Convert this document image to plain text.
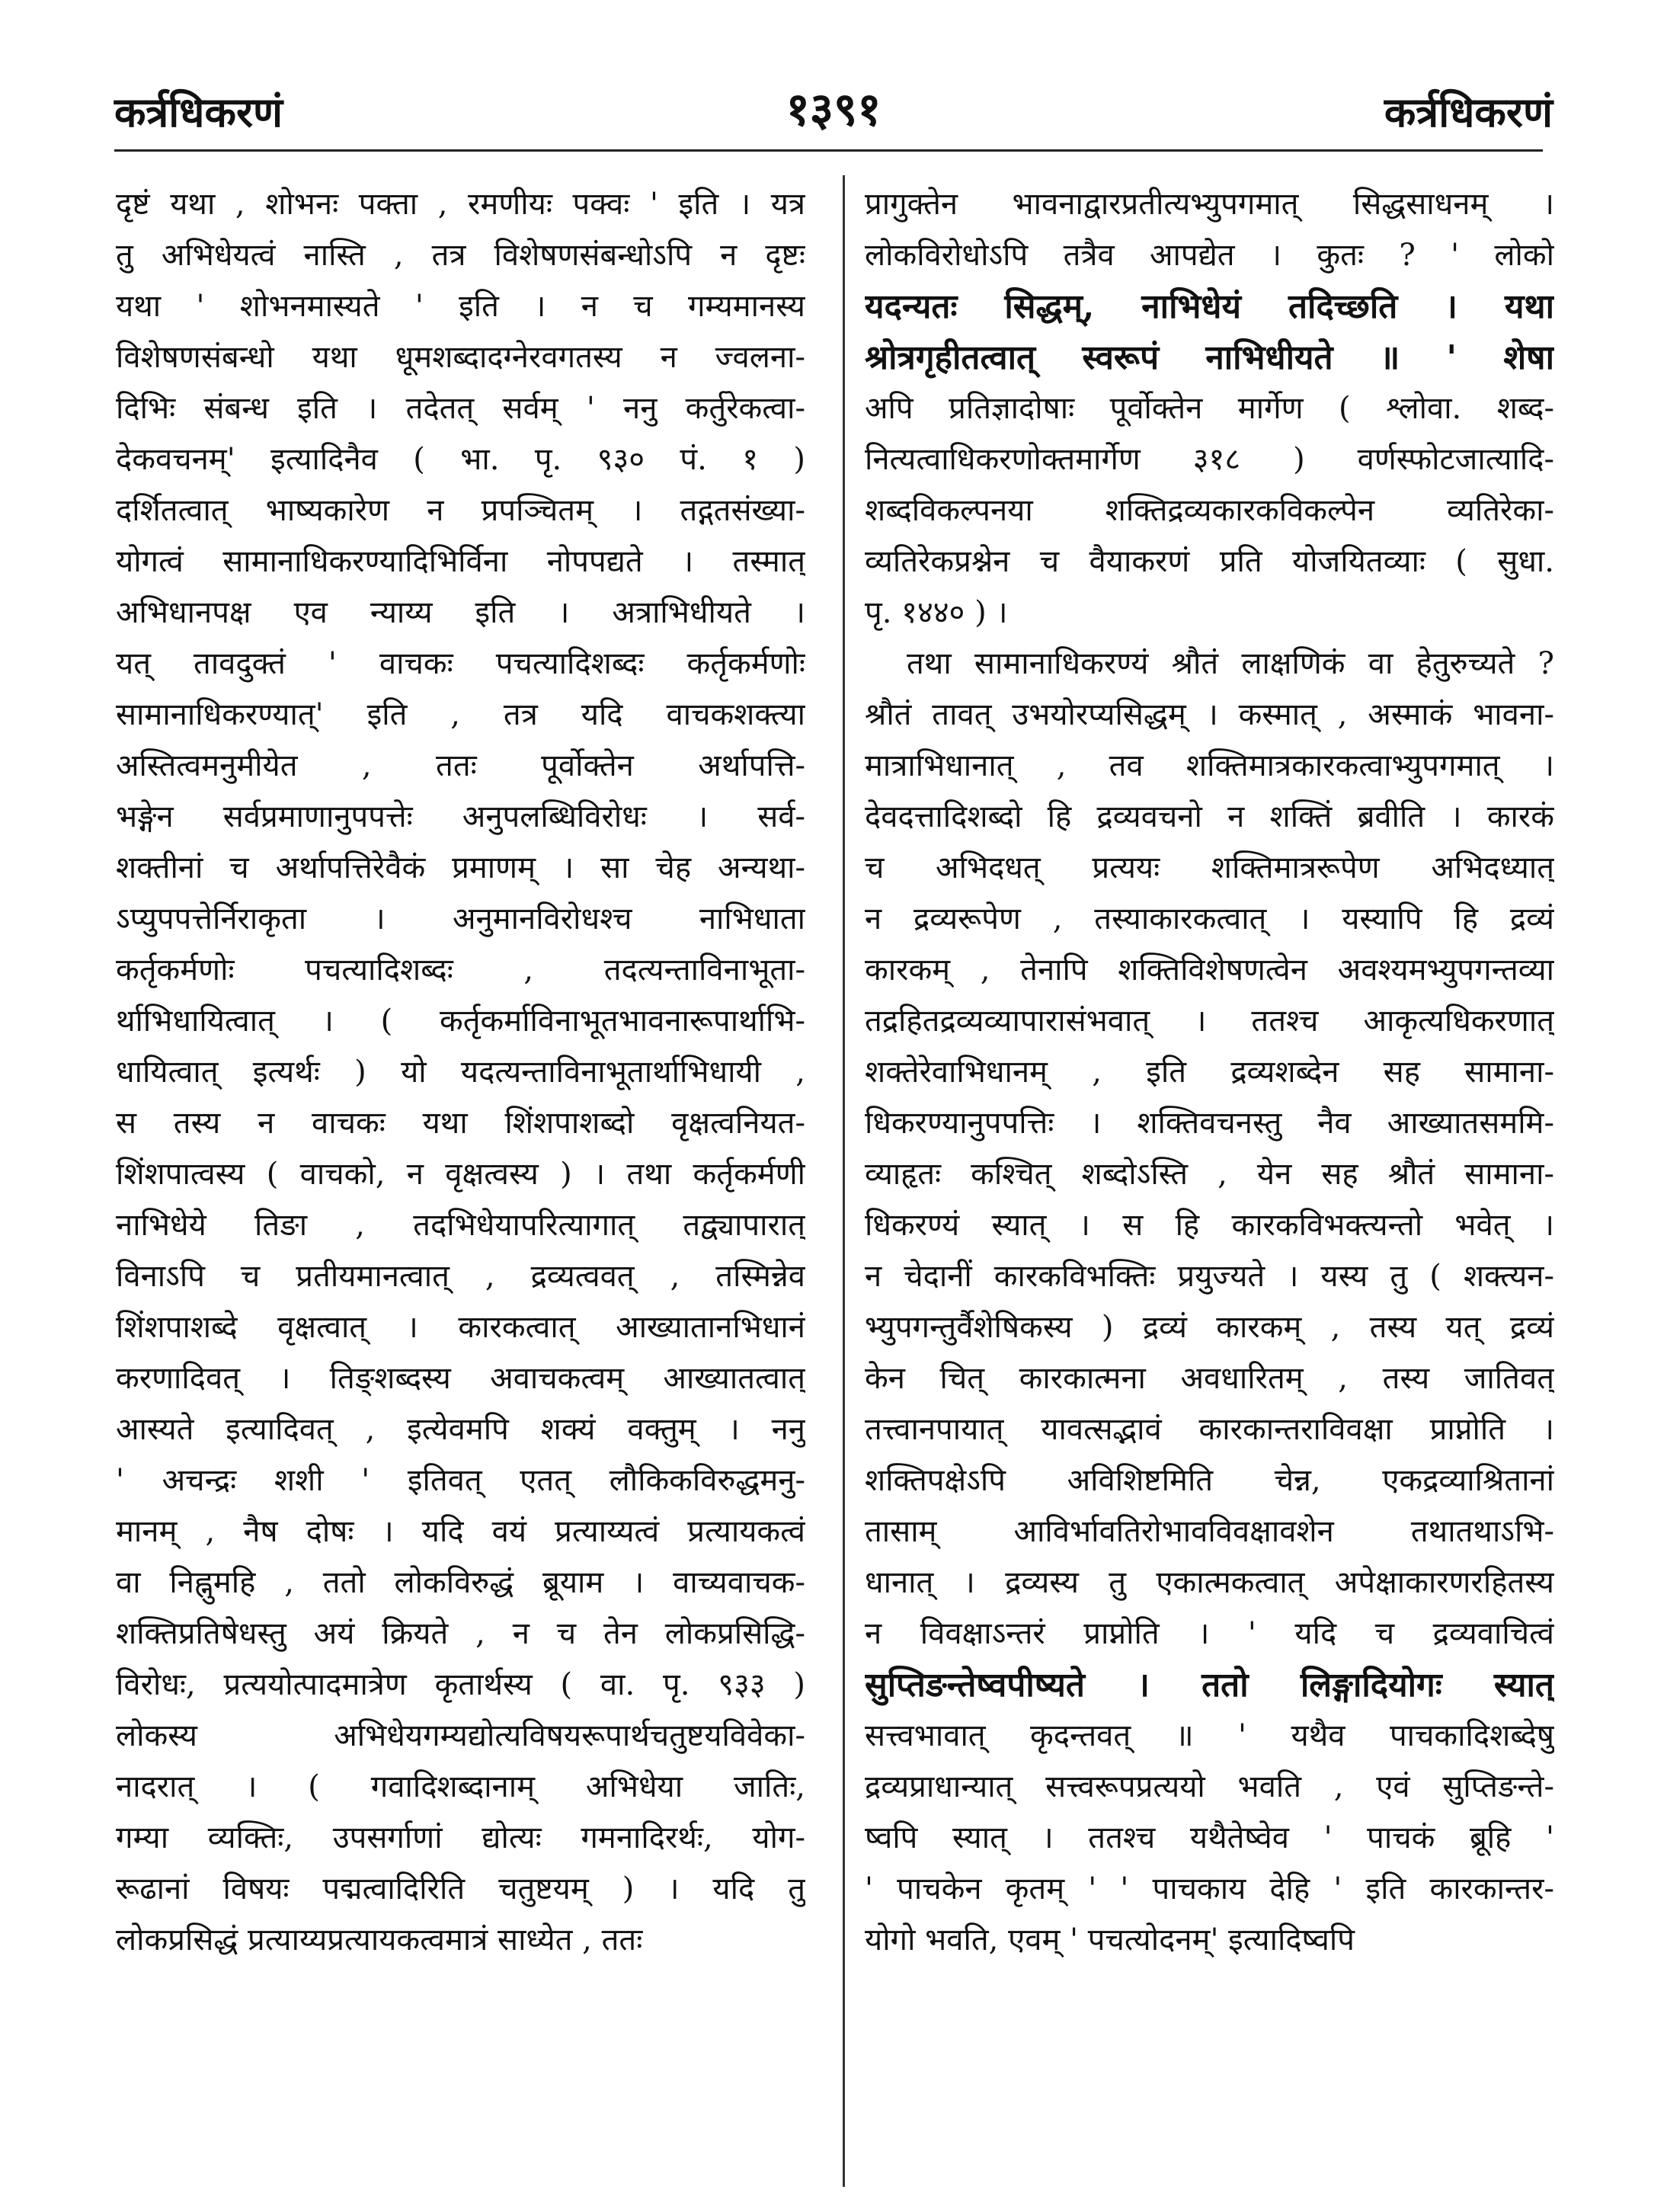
कर्त्रधिकरणं	१३९१	कर्त्रधिकरणं
दृष्टं यथा , शोभनः पक्ता , रमणीयः पक्वः ' इति । यत्र
तु अभिधेयत्वं नास्ति , तत्र विशेषणसंबन्धोऽपि न दृष्टः
यथा ' शोभनमास्यते ' इति । न च गम्यमानस्य
विशेषणसंबन्धो यथा धूमशब्दादग्नेरवगतस्य न ज्वलना-
दिभिः संबन्ध इति । तदेतत् सर्वम् ' ननु कर्तुरेकत्वा-
देकवचनम्' इत्यादिनैव ( भा. पृ. ९३० पं. १ )
दर्शितत्वात् भाष्यकारेण न प्रपञ्चितम् । तद्गतसंख्या-
योगत्वं सामानाधिकरण्यादिभिर्विना नोपपद्यते । तस्मात्
अभिधानपक्ष एव न्याय्य इति । अत्राभिधीयते ।
यत् तावदुक्तं ' वाचकः पचत्यादिशब्दः कर्तृकर्मणोः
सामानाधिकरण्यात्' इति , तत्र यदि वाचकशक्त्या
अस्तित्वमनुमीयेत , ततः पूर्वोक्तेन अर्थापत्ति-
भङ्गेन सर्वप्रमाणानुपपत्तेः अनुपलब्धिविरोधः । सर्व-
शक्तीनां च अर्थापत्तिरेवैकं प्रमाणम् । सा चेह अन्यथा-
ऽप्युपपत्तेर्निराकृता । अनुमानविरोधश्च नाभिधाता
कर्तृकर्मणोः पचत्यादिशब्दः , तदत्यन्ताविनाभूता-
र्थाभिधायित्वात् । ( कर्तृकर्माविनाभूतभावनारूपार्थाभि-
धायित्वात् इत्यर्थः ) यो यदत्यन्ताविनाभूतार्थाभिधायी ,
स तस्य न वाचकः यथा शिंशपाशब्दो वृक्षत्वनियत-
शिंशपात्वस्य ( वाचको, न वृक्षत्वस्य ) । तथा कर्तृकर्मणी
नाभिधेये तिङा , तदभिधेयापरित्यागात् तद्व्यापारात्
विनाऽपि च प्रतीयमानत्वात् , द्रव्यत्ववत् , तस्मिन्नेव
शिंशपाशब्दे वृक्षत्वात् । कारकत्वात् आख्यातानभिधानं
करणादिवत् । तिङ्शब्दस्य अवाचकत्वम् आख्यातत्वात्
आस्यते इत्यादिवत् , इत्येवमपि शक्यं वक्तुम् । ननु
' अचन्द्रः शशी ' इतिवत् एतत् लौकिकविरुद्धमनु-
मानम् , नैष दोषः । यदि वयं प्रत्याय्यत्वं प्रत्यायकत्वं
वा निह्नुमहि , ततो लोकविरुद्धं ब्रूयाम । वाच्यवाचक-
शक्तिप्रतिषेधस्तु अयं क्रियते , न च तेन लोकप्रसिद्धि-
विरोधः, प्रत्ययोत्पादमात्रेण कृतार्थस्य ( वा. पृ. ९३३ )
लोकस्य अभिधेयगम्यद्योत्यविषयरूपार्थचतुष्टयविवेका-
नादरात् । ( गवादिशब्दानाम् अभिधेया जातिः,
गम्या व्यक्तिः, उपसर्गाणां द्योत्यः गमनादिरर्थः, योग-
रूढानां विषयः पद्मत्वादिरिति चतुष्टयम् ) । यदि तु
लोकप्रसिद्धं प्रत्याय्यप्रत्यायकत्वमात्रं साध्येत , ततः
प्रागुक्तेन भावनाद्वारप्रतीत्यभ्युपगमात् सिद्धसाधनम् ।
लोकविरोधोऽपि तत्रैव आपद्येत । कुतः ? ' लोको
यदन्यतः सिद्धम्, नाभिधेयं तदिच्छति । यथा
श्रोत्रगृहीतत्वात् स्वरूपं नाभिधीयते ॥ ' शेषा
अपि प्रतिज्ञादोषाः पूर्वोक्तेन मार्गेण ( श्लोवा. शब्द-
नित्यत्वाधिकरणोक्तमार्गेण ३१८ ) वर्णस्फोटजात्यादि-
शब्दविकल्पनया शक्तिद्रव्यकारकविकल्पेन व्यतिरेका-
व्यतिरेकप्रश्नेन च वैयाकरणं प्रति योजयितव्याः ( सुधा.
पृ. १४४० ) ।
तथा सामानाधिकरण्यं श्रौतं लाक्षणिकं वा हेतुरुच्यते ?
श्रौतं तावत् उभयोरप्यसिद्धम् । कस्मात् , अस्माकं भावना-
मात्राभिधानात् , तव शक्तिमात्रकारकत्वाभ्युपगमात् ।
देवदत्तादिशब्दो हि द्रव्यवचनो न शक्तिं ब्रवीति । कारकं
च अभिदधत् प्रत्ययः शक्तिमात्ररूपेण अभिदध्यात्
न द्रव्यरूपेण , तस्याकारकत्वात् । यस्यापि हि द्रव्यं
कारकम् , तेनापि शक्तिविशेषणत्वेन अवश्यमभ्युपगन्तव्या
तद्रहितद्रव्यव्यापारासंभवात् । ततश्च आकृत्यधिकरणात्
शक्तेरेवाभिधानम् , इति द्रव्यशब्देन सह सामाना-
धिकरण्यानुपपत्तिः । शक्तिवचनस्तु नैव आख्यातसममि-
व्याहृतः कश्चित् शब्दोऽस्ति , येन सह श्रौतं सामाना-
धिकरण्यं स्यात् । स हि कारकविभक्त्यन्तो भवेत् ।
न चेदानीं कारकविभक्तिः प्रयुज्यते । यस्य तु ( शक्त्यन-
भ्युपगन्तुर्वैशेषिकस्य ) द्रव्यं कारकम् , तस्य यत् द्रव्यं
केन चित् कारकात्मना अवधारितम् , तस्य जातिवत्
तत्त्वानपायात् यावत्सद्भावं कारकान्तराविवक्षा प्राप्नोति ।
शक्तिपक्षेऽपि अविशिष्टमिति चेन्न, एकद्रव्याश्रितानां
तासाम् आविर्भावतिरोभावविवक्षावशेन तथातथाऽभि-
धानात् । द्रव्यस्य तु एकात्मकत्वात् अपेक्षाकारणरहितस्य
न विवक्षाऽन्तरं प्राप्नोति । ' यदि च द्रव्यवाचित्वं
सुप्तिङन्तेष्वपीष्यते । ततो लिङ्गादियोगः स्यात्
सत्त्वभावात् कृदन्तवत् ॥ ' यथैव पाचकादिशब्देषु
द्रव्यप्राधान्यात् सत्त्वरूपप्रत्ययो भवति , एवं सुप्तिङन्ते-
ष्वपि स्यात् । ततश्च यथैतेष्वेव ' पाचकं ब्रूहि '
' पाचकेन कृतम् ' ' पाचकाय देहि ' इति कारकान्तर-
योगो भवति, एवम् ' पचत्योदनम्' इत्यादिष्वपि
